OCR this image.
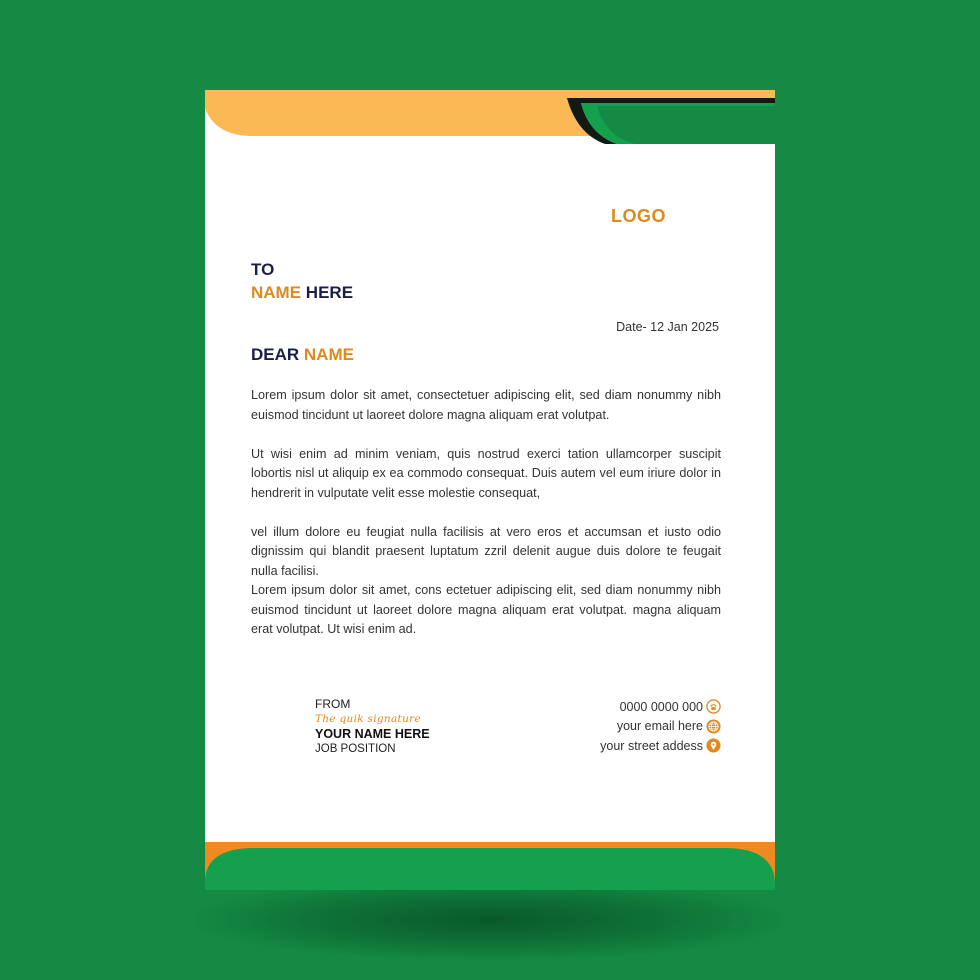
LOGO
TO
NAME HERE
Date- 12 Jan 2025
DEAR NAME

Lorem ipsum dolor sit amet, consectetuer adipiscing elit, sed diam nonummy nibh euismod tincidunt ut laoreet dolore magna aliquam erat volutpat.

Ut wisi enim ad minim veniam, quis nostrud exerci tation ullamcorper suscipit lobortis nisl ut aliquip ex ea commodo consequat. Duis autem vel eum iriure dolor in hendrerit in vulputate velit esse molestie consequat,

vel illum dolore eu feugiat nulla facilisis at vero eros et accumsan et iusto odio dignissim qui blandit praesent luptatum zzril delenit augue duis dolore te feugait nulla facilisi.

Lorem ipsum dolor sit amet, cons ectetuer adipiscing elit, sed diam nonummy nibh euismod tincidunt ut laoreet dolore magna aliquam erat volutpat. magna aliquam erat volutpat. Ut wisi enim ad.

FROM
The quik signature
YOUR NAME HERE
JOB POSITION
0000 0000 000
your email here
your street addess
